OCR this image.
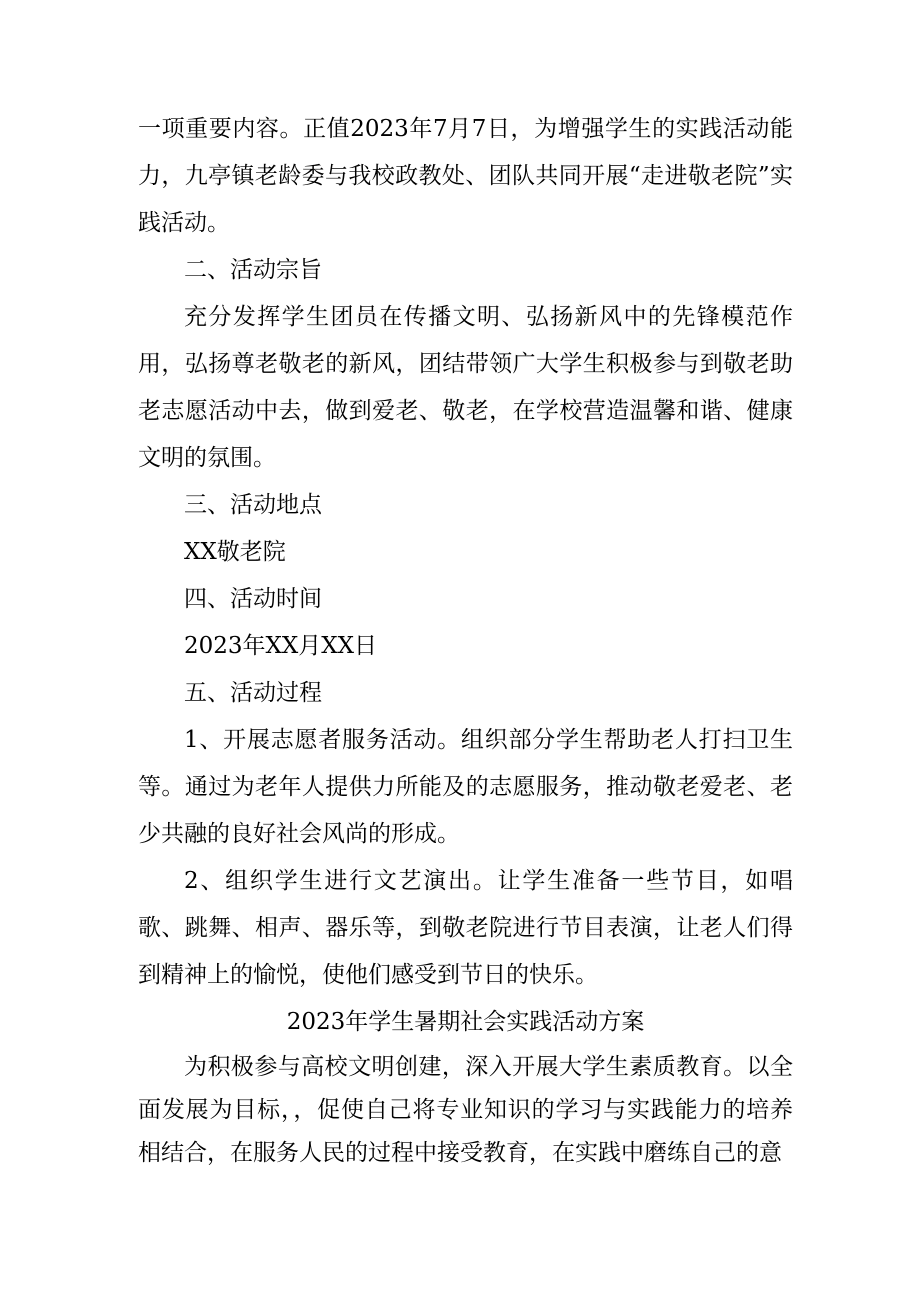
一项重要内容。正值2023年7月7日，为增强学生的实践活动能力，九亭镇老龄委与我校政教处、团队共同开展“走进敬老院”实践活动。

二、活动宗旨

充分发挥学生团员在传播文明、弘扬新风中的先锋模范作用，弘扬尊老敬老的新风，团结带领广大学生积极参与到敬老助老志愿活动中去，做到爱老、敬老，在学校营造温馨和谐、健康文明的氛围。

三、活动地点

XX敬老院

四、活动时间

2023年XX月XX日

五、活动过程

1、开展志愿者服务活动。组织部分学生帮助老人打扫卫生等。通过为老年人提供力所能及的志愿服务，推动敬老爱老、老少共融的良好社会风尚的形成。

2、组织学生进行文艺演出。让学生准备一些节目，如唱歌、跳舞、相声、器乐等，到敬老院进行节目表演，让老人们得到精神上的愉悦，使他们感受到节日的快乐。

2023年学生暑期社会实践活动方案

为积极参与高校文明创建，深入开展大学生素质教育。以全面发展为目标，，促使自己将专业知识的学习与实践能力的培养相结合，在服务人民的过程中接受教育，在实践中磨练自己的意
